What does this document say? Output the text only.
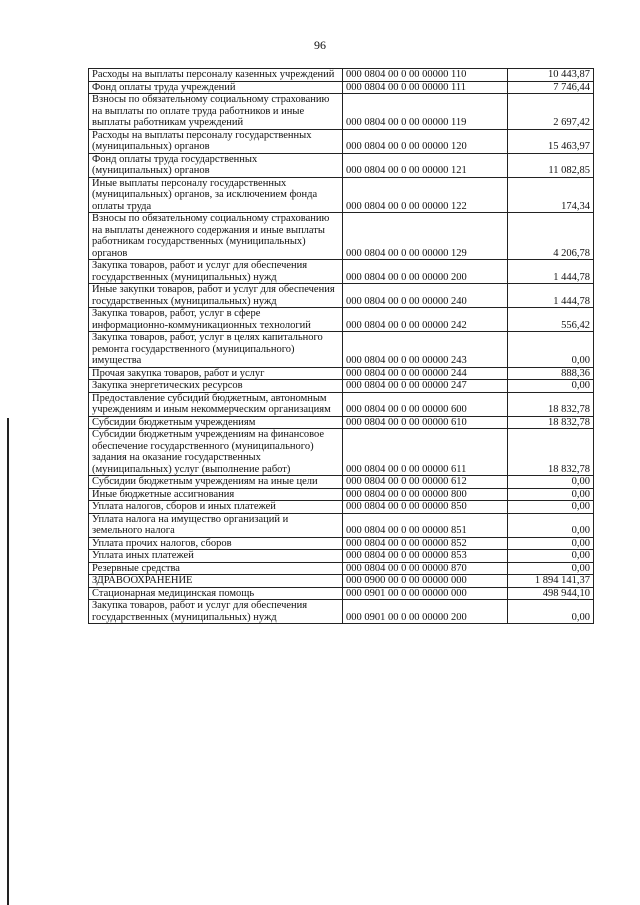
96
Расходы на выплаты персоналу казенных учреждений	000 0804 00 0 00 00000 110	10 443,87
Фонд оплаты труда учреждений	000 0804 00 0 00 00000 111	7 746,44
Взносы по обязательному социальному страхованию на выплаты по оплате труда работников и иные выплаты работникам учреждений	000 0804 00 0 00 00000 119	2 697,42
Расходы на выплаты персоналу государственных (муниципальных) органов	000 0804 00 0 00 00000 120	15 463,97
Фонд оплаты труда государственных (муниципальных) органов	000 0804 00 0 00 00000 121	11 082,85
Иные выплаты персоналу государственных (муниципальных) органов, за исключением фонда оплаты труда	000 0804 00 0 00 00000 122	174,34
Взносы по обязательному социальному страхованию на выплаты денежного содержания и иные выплаты работникам государственных (муниципальных) органов	000 0804 00 0 00 00000 129	4 206,78
Закупка товаров, работ и услуг для обеспечения государственных (муниципальных) нужд	000 0804 00 0 00 00000 200	1 444,78
Иные закупки товаров, работ и услуг для обеспечения государственных (муниципальных) нужд	000 0804 00 0 00 00000 240	1 444,78
Закупка товаров, работ, услуг в сфере информационно-коммуникационных технологий	000 0804 00 0 00 00000 242	556,42
Закупка товаров, работ, услуг в целях капитального ремонта государственного (муниципального) имущества	000 0804 00 0 00 00000 243	0,00
Прочая закупка товаров, работ и услуг	000 0804 00 0 00 00000 244	888,36
Закупка энергетических ресурсов	000 0804 00 0 00 00000 247	0,00
Предоставление субсидий бюджетным, автономным учреждениям и иным некоммерческим организациям	000 0804 00 0 00 00000 600	18 832,78
Субсидии бюджетным учреждениям	000 0804 00 0 00 00000 610	18 832,78
Субсидии бюджетным учреждениям на финансовое обеспечение государственного (муниципального) задания на оказание государственных (муниципальных) услуг (выполнение работ)	000 0804 00 0 00 00000 611	18 832,78
Субсидии бюджетным учреждениям на иные цели	000 0804 00 0 00 00000 612	0,00
Иные бюджетные ассигнования	000 0804 00 0 00 00000 800	0,00
Уплата налогов, сборов и иных платежей	000 0804 00 0 00 00000 850	0,00
Уплата налога на имущество организаций и земельного налога	000 0804 00 0 00 00000 851	0,00
Уплата прочих налогов, сборов	000 0804 00 0 00 00000 852	0,00
Уплата иных платежей	000 0804 00 0 00 00000 853	0,00
Резервные средства	000 0804 00 0 00 00000 870	0,00
ЗДРАВООХРАНЕНИЕ	000 0900 00 0 00 00000 000	1 894 141,37
Стационарная медицинская помощь	000 0901 00 0 00 00000 000	498 944,10
Закупка товаров, работ и услуг для обеспечения государственных (муниципальных) нужд	000 0901 00 0 00 00000 200	0,00
